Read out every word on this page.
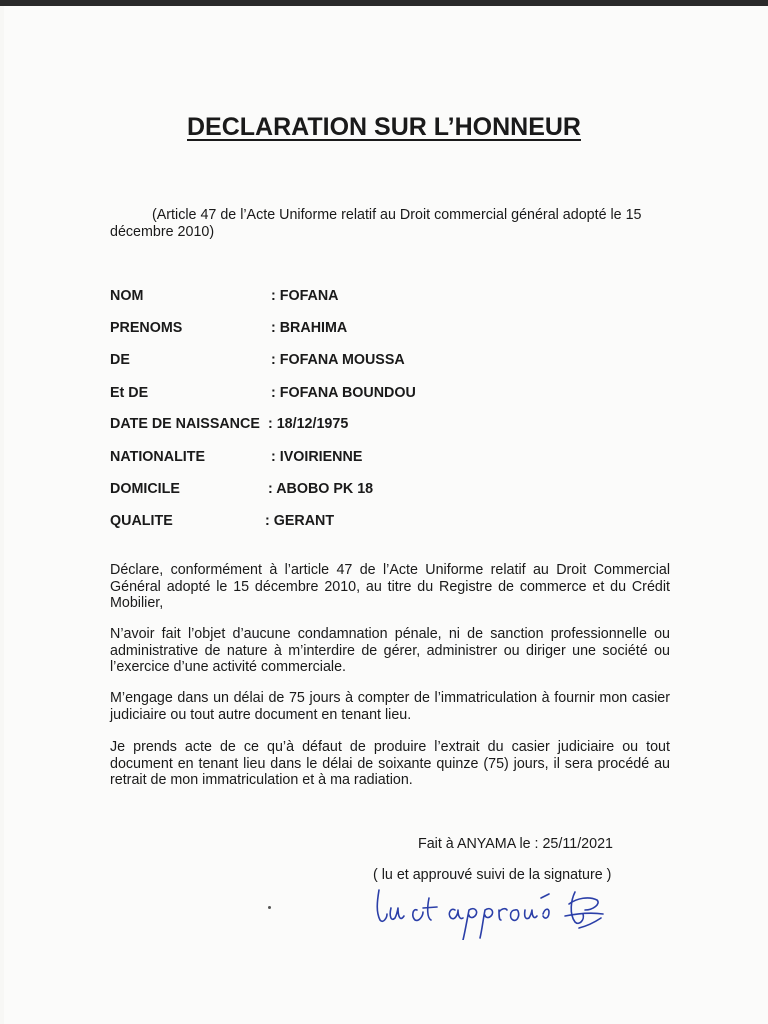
DECLARATION SUR L’HONNEUR
(Article 47 de l’Acte Uniforme relatif au Droit commercial général adopté le 15 décembre 2010)
NOM	: FOFANA
PRENOMS	: BRAHIMA
DE	: FOFANA MOUSSA
Et DE	: FOFANA BOUNDOU
DATE DE NAISSANCE : 18/12/1975
NATIONALITE	: IVOIRIENNE
DOMICILE	: ABOBO PK 18
QUALITE	: GERANT
Déclare, conformément à l’article 47 de l’Acte Uniforme relatif au Droit Commercial Général adopté le 15 décembre 2010, au titre du Registre de commerce et du Crédit Mobilier,
N’avoir fait l’objet d’aucune condamnation pénale, ni de sanction professionnelle ou administrative de nature à m’interdire de gérer, administrer ou diriger une société ou l’exercice d’une activité commerciale.
M’engage dans un délai de 75 jours à compter de l’immatriculation à fournir mon casier judiciaire ou tout autre document en tenant lieu.
Je prends acte de ce qu’à défaut de produire l’extrait du casier judiciaire ou tout document en tenant lieu dans le délai de soixante quinze (75) jours, il sera procédé au retrait de mon immatriculation et à ma radiation.
Fait à ANYAMA le : 25/11/2021
( lu et approuvé suivi de la signature )
